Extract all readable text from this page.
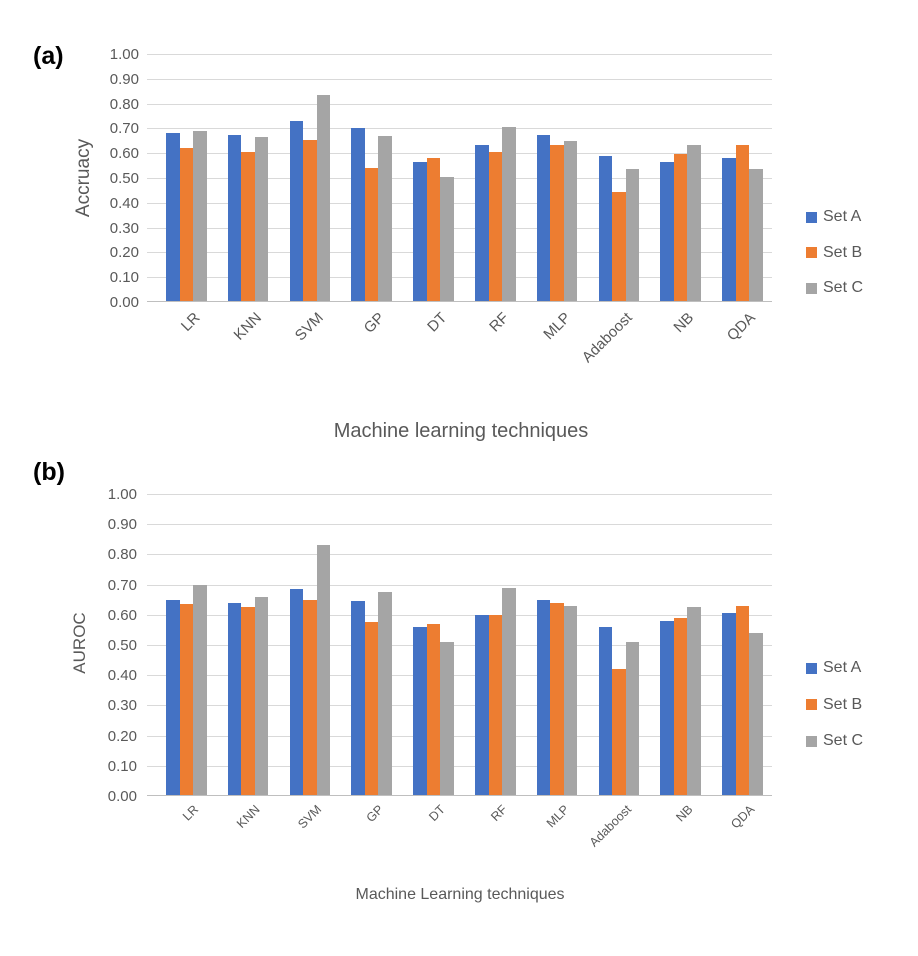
(a)
Accruacy
0.00
0.10
0.20
0.30
0.40
0.50
0.60
0.70
0.80
0.90
1.00
LR KNN SVM GP DT RF MLP Adaboost NB QDA
Machine learning techniques
Set A
Set B
Set C
(b)
AUROC
0.00
0.10
0.20
0.30
0.40
0.50
0.60
0.70
0.80
0.90
1.00
LR	KNN	SVM	GP	DT	RF	MLP Adaboost	NB	QDA
Machine Learning techniques
Set A
Set B
Set C
